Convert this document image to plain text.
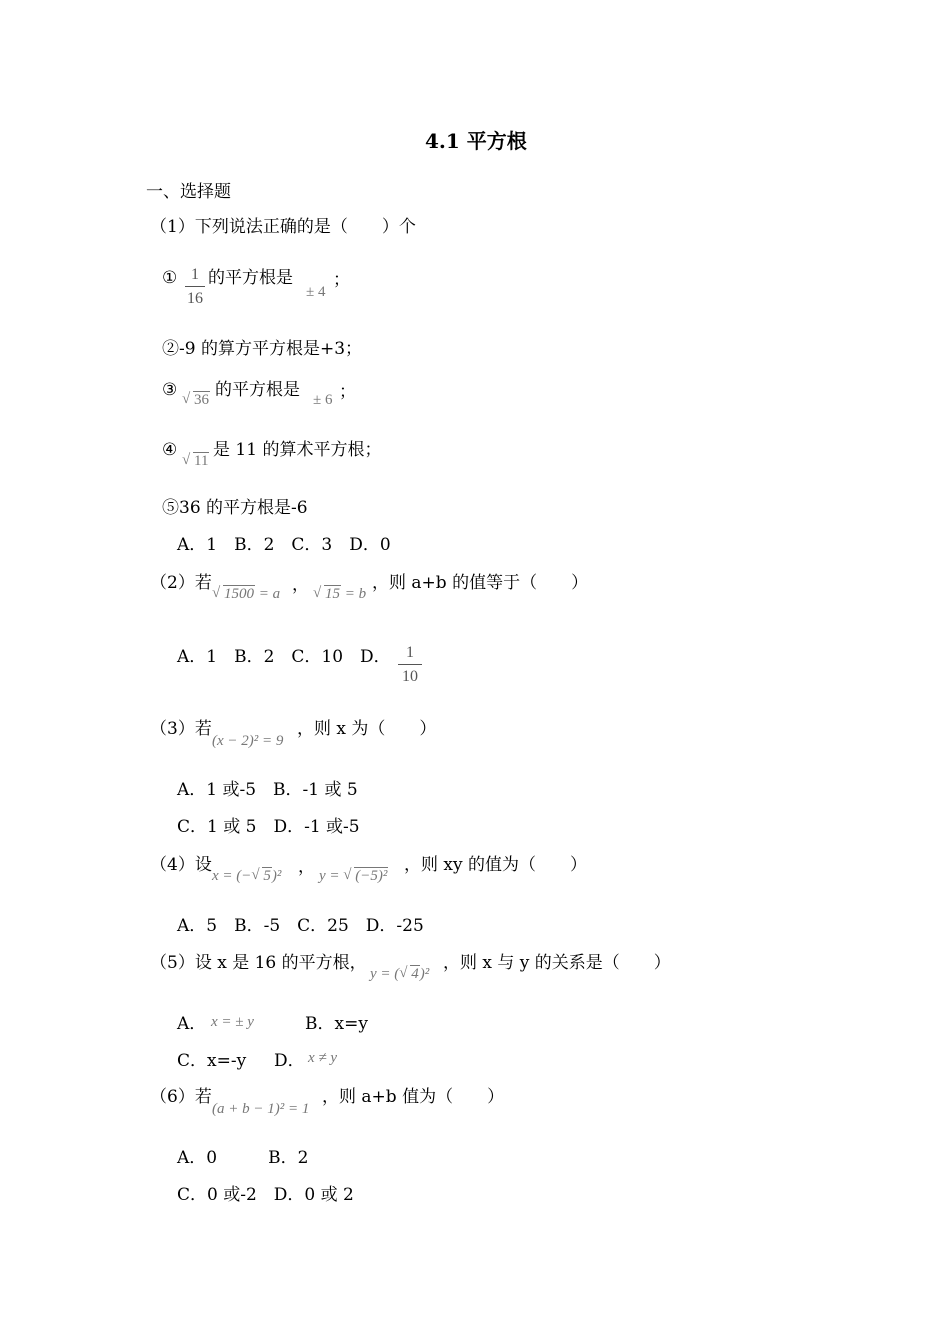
4.1 平方根
一、选择题
（1）下列说法正确的是（　　）个
① 1
16
的平方根是
± 4
；
②-9 的算方平方根是+3；
③	√ 36 的平方根是 ± 6 ；
④
√ 11
是 11 的算术平方根；
⑤36 的平方根是-6
A．1　B．2　C．3　D．0
（2）若
√ 1500 = a ，	√ 15 = b
，则 a+b 的值等于（　　）
A．1　B．2　C．10　D． 1
10
（3）若
(x − 2)² = 9
，则 x 为（　　）
A．1 或-5　B．-1 或 5
C．1 或 5　D．-1 或-5
（4）设
x = (− √ 5)² ， y = √ (−5)²
，则 xy 的值为（　　）
A．5　B．-5　C．25　D．-25
（5）设 x 是 16 的平方根，
y = ( √ 4)²
，则 x 与 y 的关系是（　　）
A． x = ± y	B．x=y
C．x=-y D． x ≠ y
（6）若
(a + b − 1)² = 1
，则 a+b 值为（　　）
A．0　　　B．2
C．0 或-2　D．0 或 2
